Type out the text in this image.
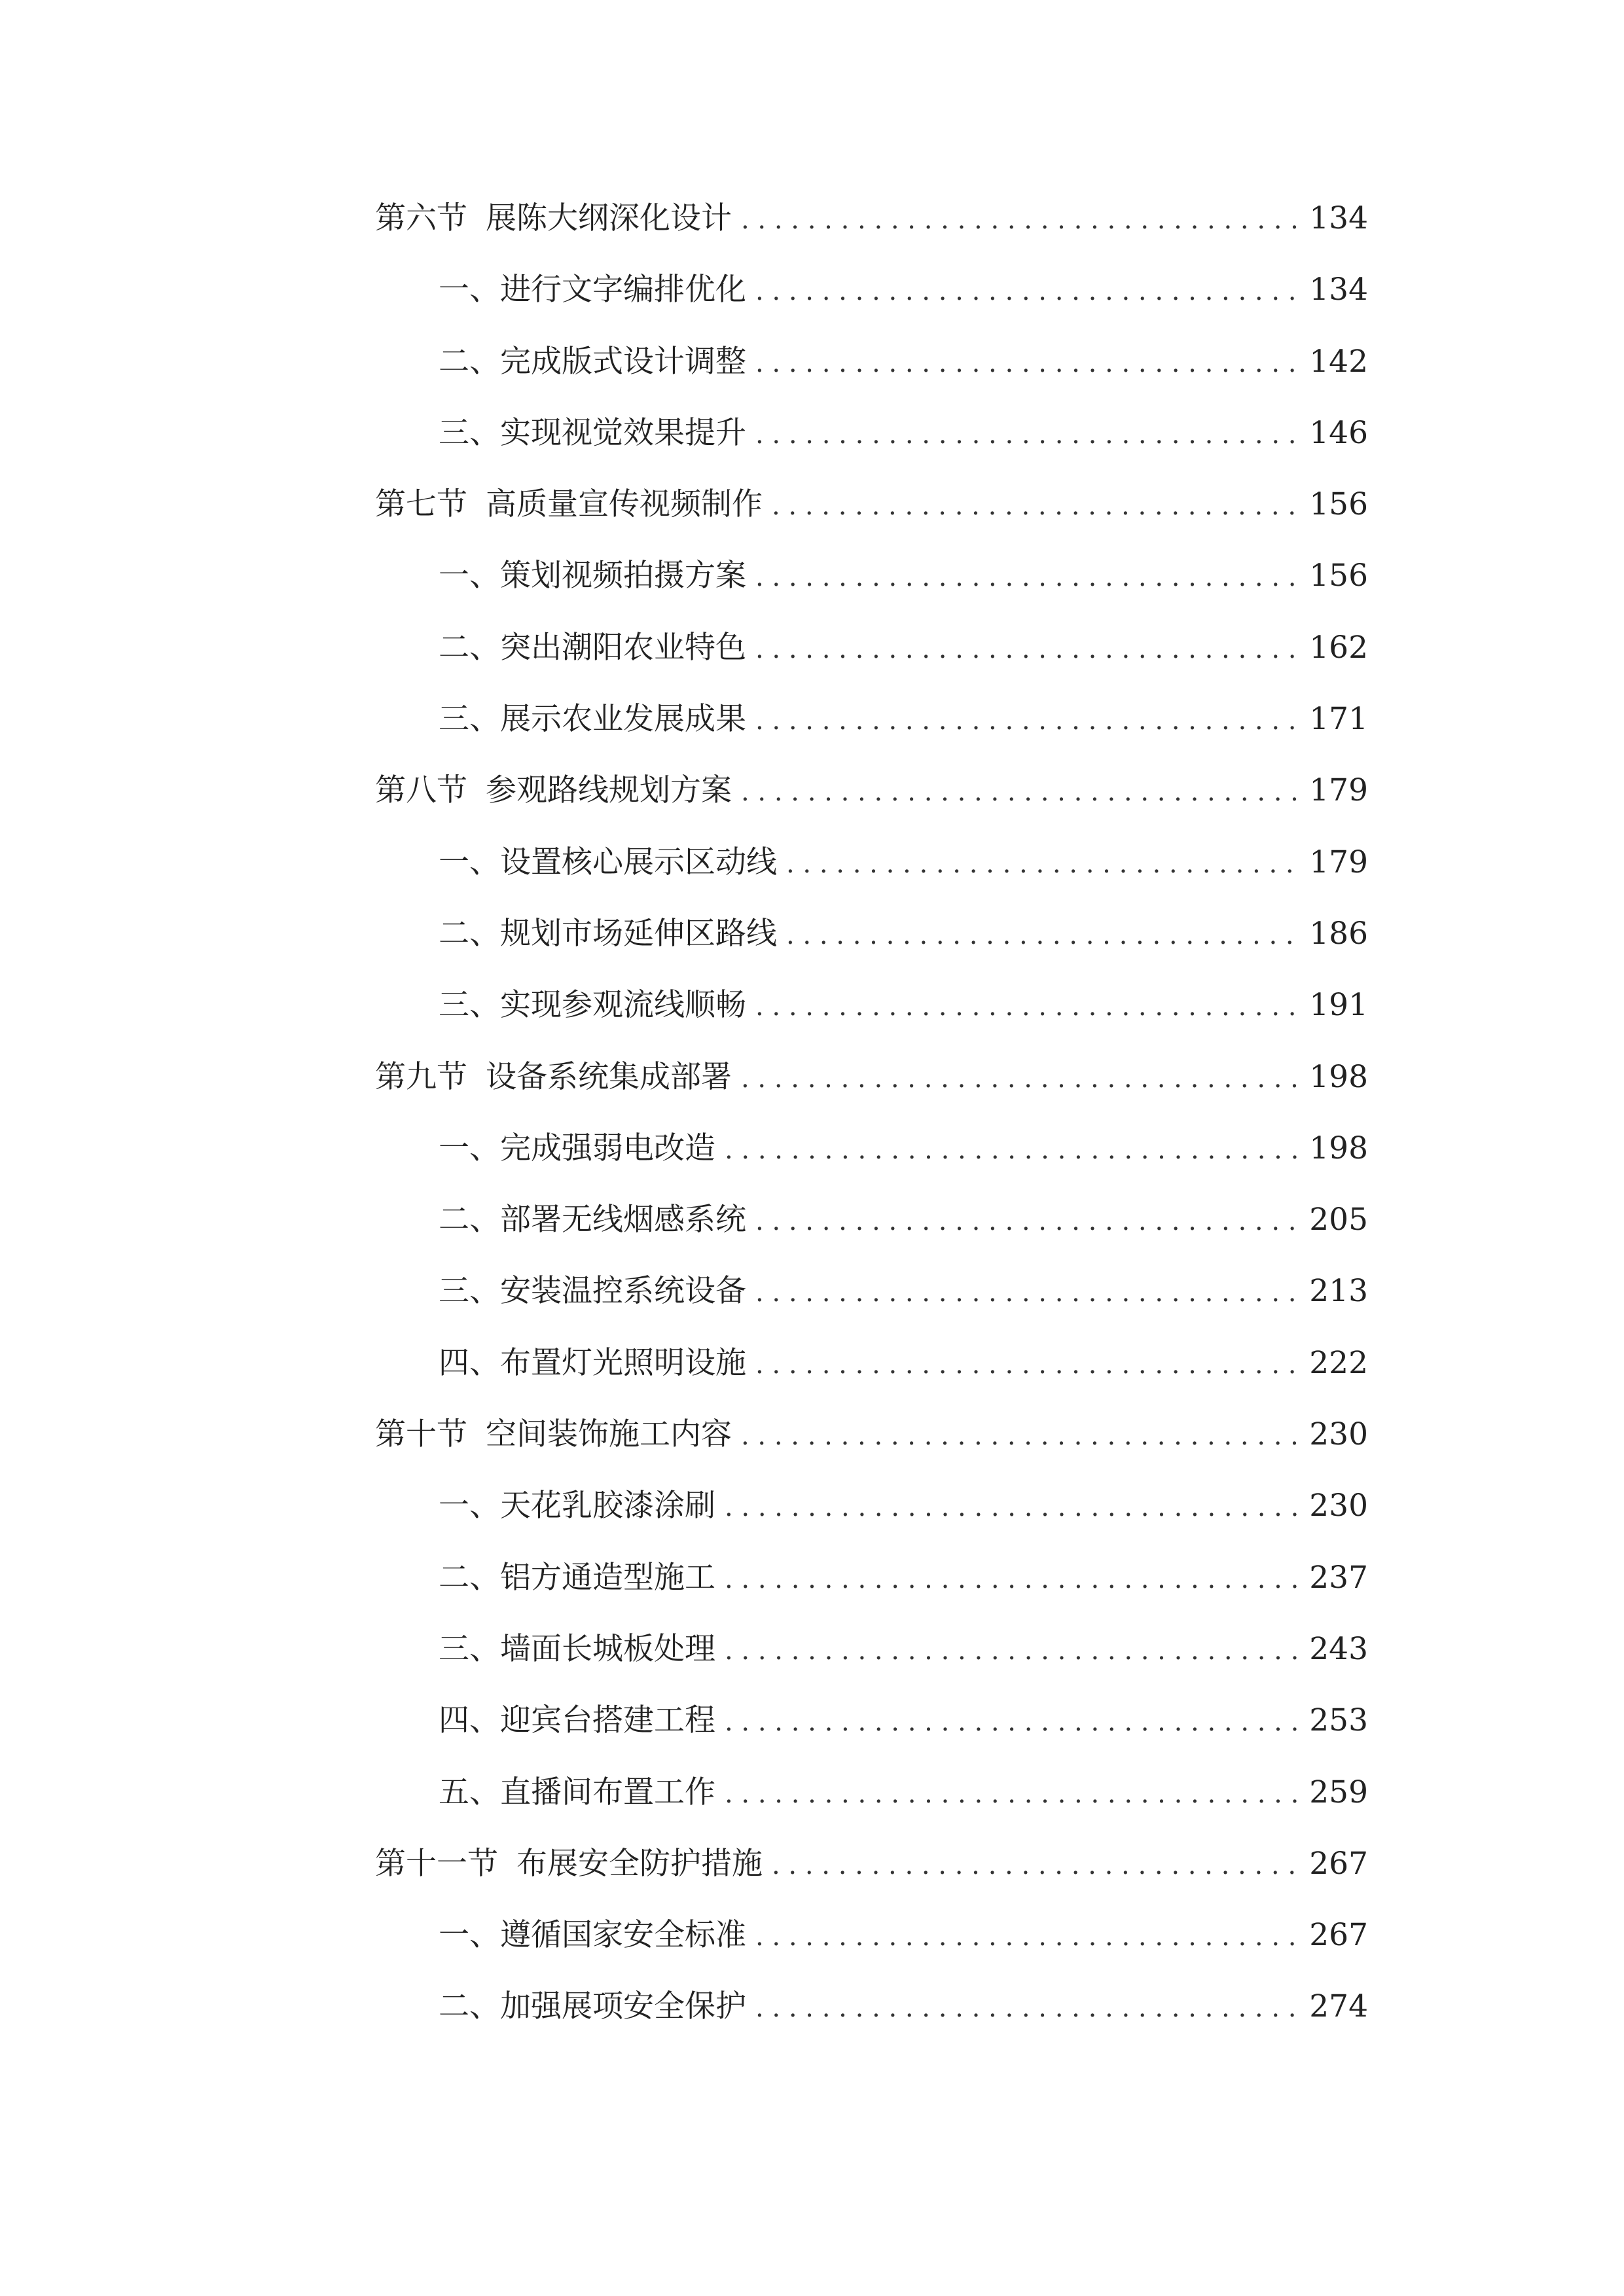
第六节 展陈大纲深化设计 . . .	134
一、 进行文字编排优化 . . .	134
二、 完成版式设计调整 . . .	142
三、 实现视觉效果提升 . . .	146
第七节 高质量宣传视频制作 . . .	156
一、 策划视频拍摄方案 . . .	156
二、 突出潮阳农业特色 . . .	162
三、 展示农业发展成果 . . .	171
第八节 参观路线规划方案 . . .	179
一、 设置核心展示区动线 . . .	179
二、 规划市场延伸区路线 . . .	186
三、 实现参观流线顺畅 . . .	191
第九节 设备系统集成部署 . . .	198
一、 完成强弱电改造 . . .	198
二、 部署无线烟感系统 . . .	205
三、 安装温控系统设备 . . .	213
四、 布置灯光照明设施 . . .	222
第十节 空间装饰施工内容 . . .	230
一、 天花乳胶漆涂刷 . . .	230
二、 铝方通造型施工 . . .	237
三、 墙面长城板处理 . . .	243
四、 迎宾台搭建工程 . . .	253
五、 直播间布置工作 . . .	259
第十一节 布展安全防护措施 . . .	267
一、 遵循国家安全标准 . . .	267
二、 加强展项安全保护 . . .	274
